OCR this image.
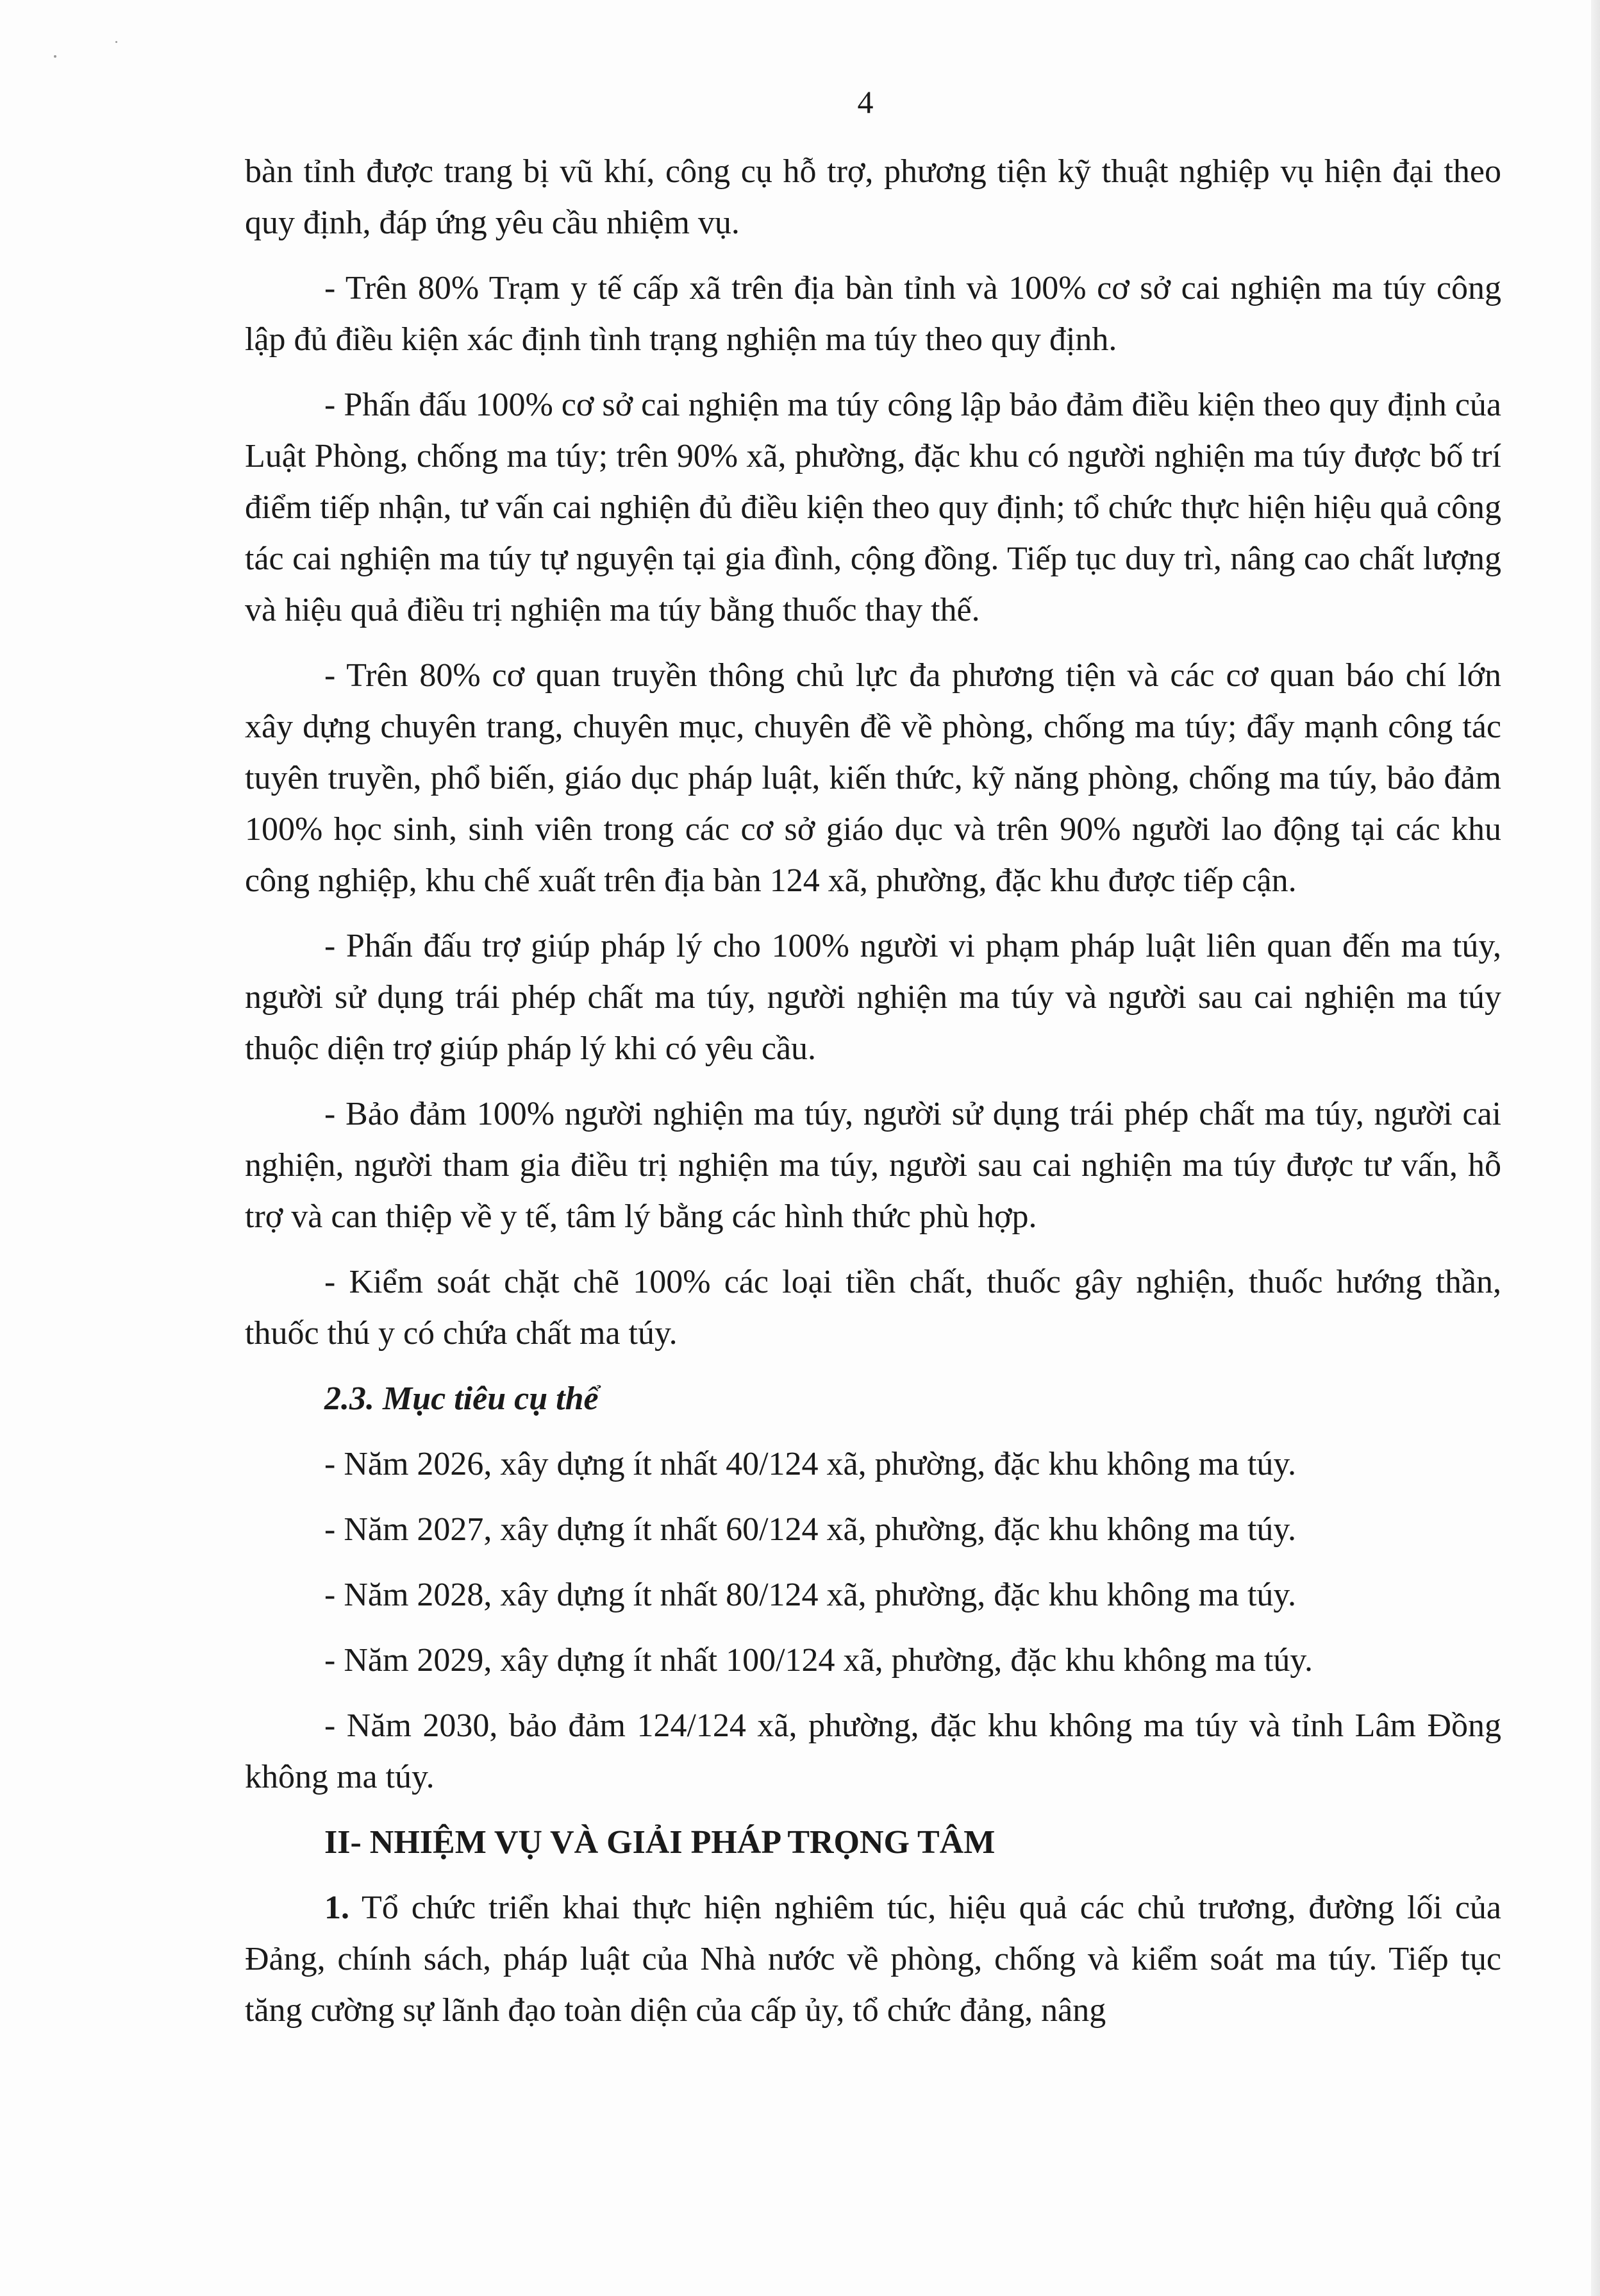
4

bàn tỉnh được trang bị vũ khí, công cụ hỗ trợ, phương tiện kỹ thuật nghiệp vụ hiện đại theo quy định, đáp ứng yêu cầu nhiệm vụ.

- Trên 80% Trạm y tế cấp xã trên địa bàn tỉnh và 100% cơ sở cai nghiện ma túy công lập đủ điều kiện xác định tình trạng nghiện ma túy theo quy định.

- Phấn đấu 100% cơ sở cai nghiện ma túy công lập bảo đảm điều kiện theo quy định của Luật Phòng, chống ma túy; trên 90% xã, phường, đặc khu có người nghiện ma túy được bố trí điểm tiếp nhận, tư vấn cai nghiện đủ điều kiện theo quy định; tổ chức thực hiện hiệu quả công tác cai nghiện ma túy tự nguyện tại gia đình, cộng đồng. Tiếp tục duy trì, nâng cao chất lượng và hiệu quả điều trị nghiện ma túy bằng thuốc thay thế.

- Trên 80% cơ quan truyền thông chủ lực đa phương tiện và các cơ quan báo chí lớn xây dựng chuyên trang, chuyên mục, chuyên đề về phòng, chống ma túy; đẩy mạnh công tác tuyên truyền, phổ biến, giáo dục pháp luật, kiến thức, kỹ năng phòng, chống ma túy, bảo đảm 100% học sinh, sinh viên trong các cơ sở giáo dục và trên 90% người lao động tại các khu công nghiệp, khu chế xuất trên địa bàn 124 xã, phường, đặc khu được tiếp cận.

- Phấn đấu trợ giúp pháp lý cho 100% người vi phạm pháp luật liên quan đến ma túy, người sử dụng trái phép chất ma túy, người nghiện ma túy và người sau cai nghiện ma túy thuộc diện trợ giúp pháp lý khi có yêu cầu.

- Bảo đảm 100% người nghiện ma túy, người sử dụng trái phép chất ma túy, người cai nghiện, người tham gia điều trị nghiện ma túy, người sau cai nghiện ma túy được tư vấn, hỗ trợ và can thiệp về y tế, tâm lý bằng các hình thức phù hợp.

- Kiểm soát chặt chẽ 100% các loại tiền chất, thuốc gây nghiện, thuốc hướng thần, thuốc thú y có chứa chất ma túy.

2.3. Mục tiêu cụ thể

- Năm 2026, xây dựng ít nhất 40/124 xã, phường, đặc khu không ma túy.

- Năm 2027, xây dựng ít nhất 60/124 xã, phường, đặc khu không ma túy.

- Năm 2028, xây dựng ít nhất 80/124 xã, phường, đặc khu không ma túy.

- Năm 2029, xây dựng ít nhất 100/124 xã, phường, đặc khu không ma túy.

- Năm 2030, bảo đảm 124/124 xã, phường, đặc khu không ma túy và tỉnh Lâm Đồng không ma túy.

II- NHIỆM VỤ VÀ GIẢI PHÁP TRỌNG TÂM

1. Tổ chức triển khai thực hiện nghiêm túc, hiệu quả các chủ trương, đường lối của Đảng, chính sách, pháp luật của Nhà nước về phòng, chống và kiểm soát ma túy. Tiếp tục tăng cường sự lãnh đạo toàn diện của cấp ủy, tổ chức đảng, nâng
